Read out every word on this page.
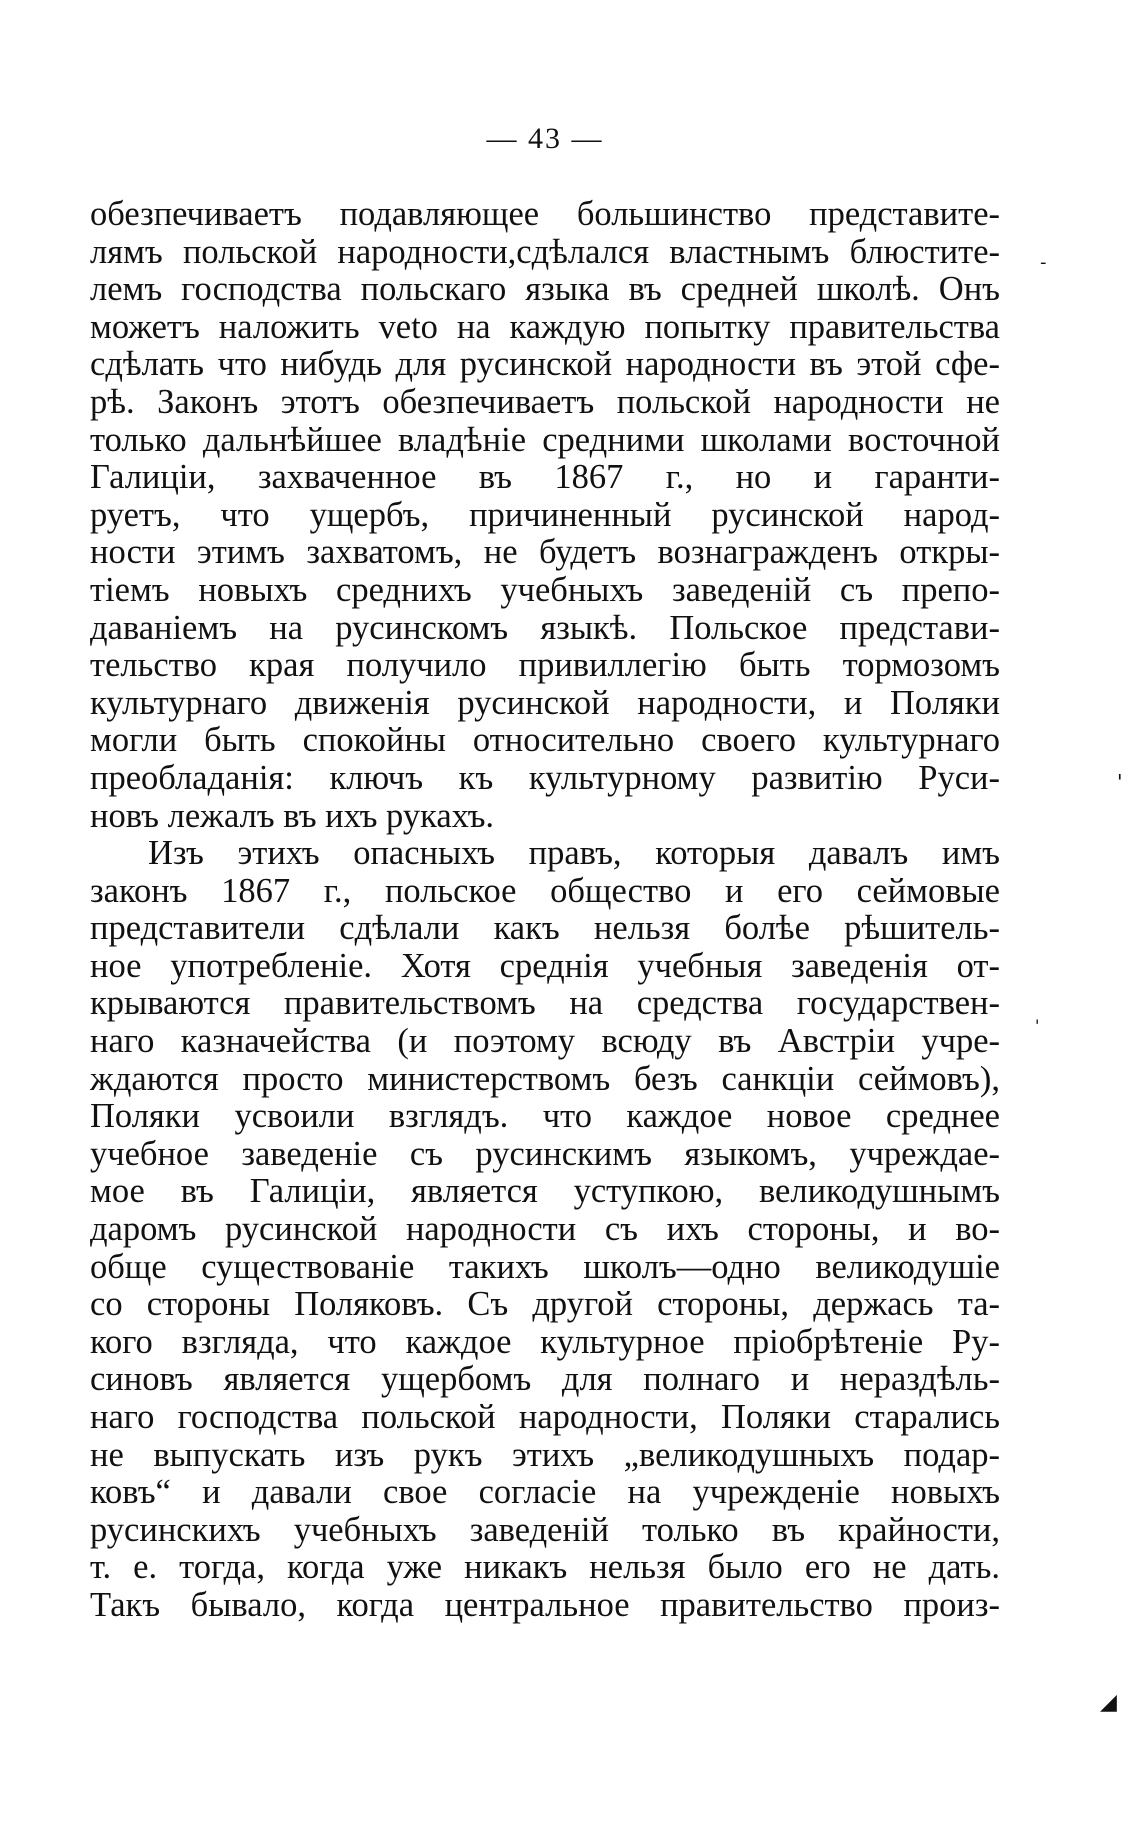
— 43 —
обезпечиваетъ подавляющее большинство представите-
лямъ польской народности,сдѣлался властнымъ блюстите-
лемъ господства польскаго языка въ средней школѣ. Онъ
можетъ наложить veto на каждую попытку правительства
сдѣлать что нибудь для русинской народности въ этой сфе-
рѣ. Законъ этотъ обезпечиваетъ польской народности не
только дальнѣйшее владѣніе средними школами восточной
Галиціи, захваченное въ 1867 г., но и гаранти-
руетъ, что ущербъ, причиненный русинской народ-
ности этимъ захватомъ, не будетъ вознагражденъ откры-
тіемъ новыхъ среднихъ учебныхъ заведеній съ препо-
даваніемъ на русинскомъ языкѣ. Польское представи-
тельство края получило привиллегію быть тормозомъ
культурнаго движенія русинской народности, и Поляки
могли быть спокойны относительно своего культурнаго
преобладанія: ключъ къ культурному развитію Руси-
новъ лежалъ въ ихъ рукахъ.
Изъ этихъ опасныхъ правъ, которыя давалъ имъ
законъ 1867 г., польское общество и его сеймовые
представители сдѣлали какъ нельзя болѣе рѣшитель-
ное употребленіе. Хотя среднія учебныя заведенія от-
крываются правительствомъ на средства государствен-
наго казначейства (и поэтому всюду въ Австріи учре-
ждаются просто министерствомъ безъ санкціи сеймовъ),
Поляки усвоили взглядъ. что каждое новое среднее
учебное заведеніе съ русинскимъ языкомъ, учреждае-
мое въ Галиціи, является уступкою, великодушнымъ
даромъ русинской народности съ ихъ стороны, и во-
обще существованіе такихъ школъ—одно великодушіе
со стороны Поляковъ. Съ другой стороны, держась та-
кого взгляда, что каждое культурное пріобрѣтеніе Ру-
синовъ является ущербомъ для полнаго и нераздѣль-
наго господства польской народности, Поляки старались
не выпускать изъ рукъ этихъ „великодушныхъ подар-
ковъ“ и давали свое согласіе на учрежденіе новыхъ
русинскихъ учебныхъ заведеній только въ крайности,
т. е. тогда, когда уже никакъ нельзя было его не дать.
Такъ бывало, когда центральное правительство произ-
-
'
'
◢
